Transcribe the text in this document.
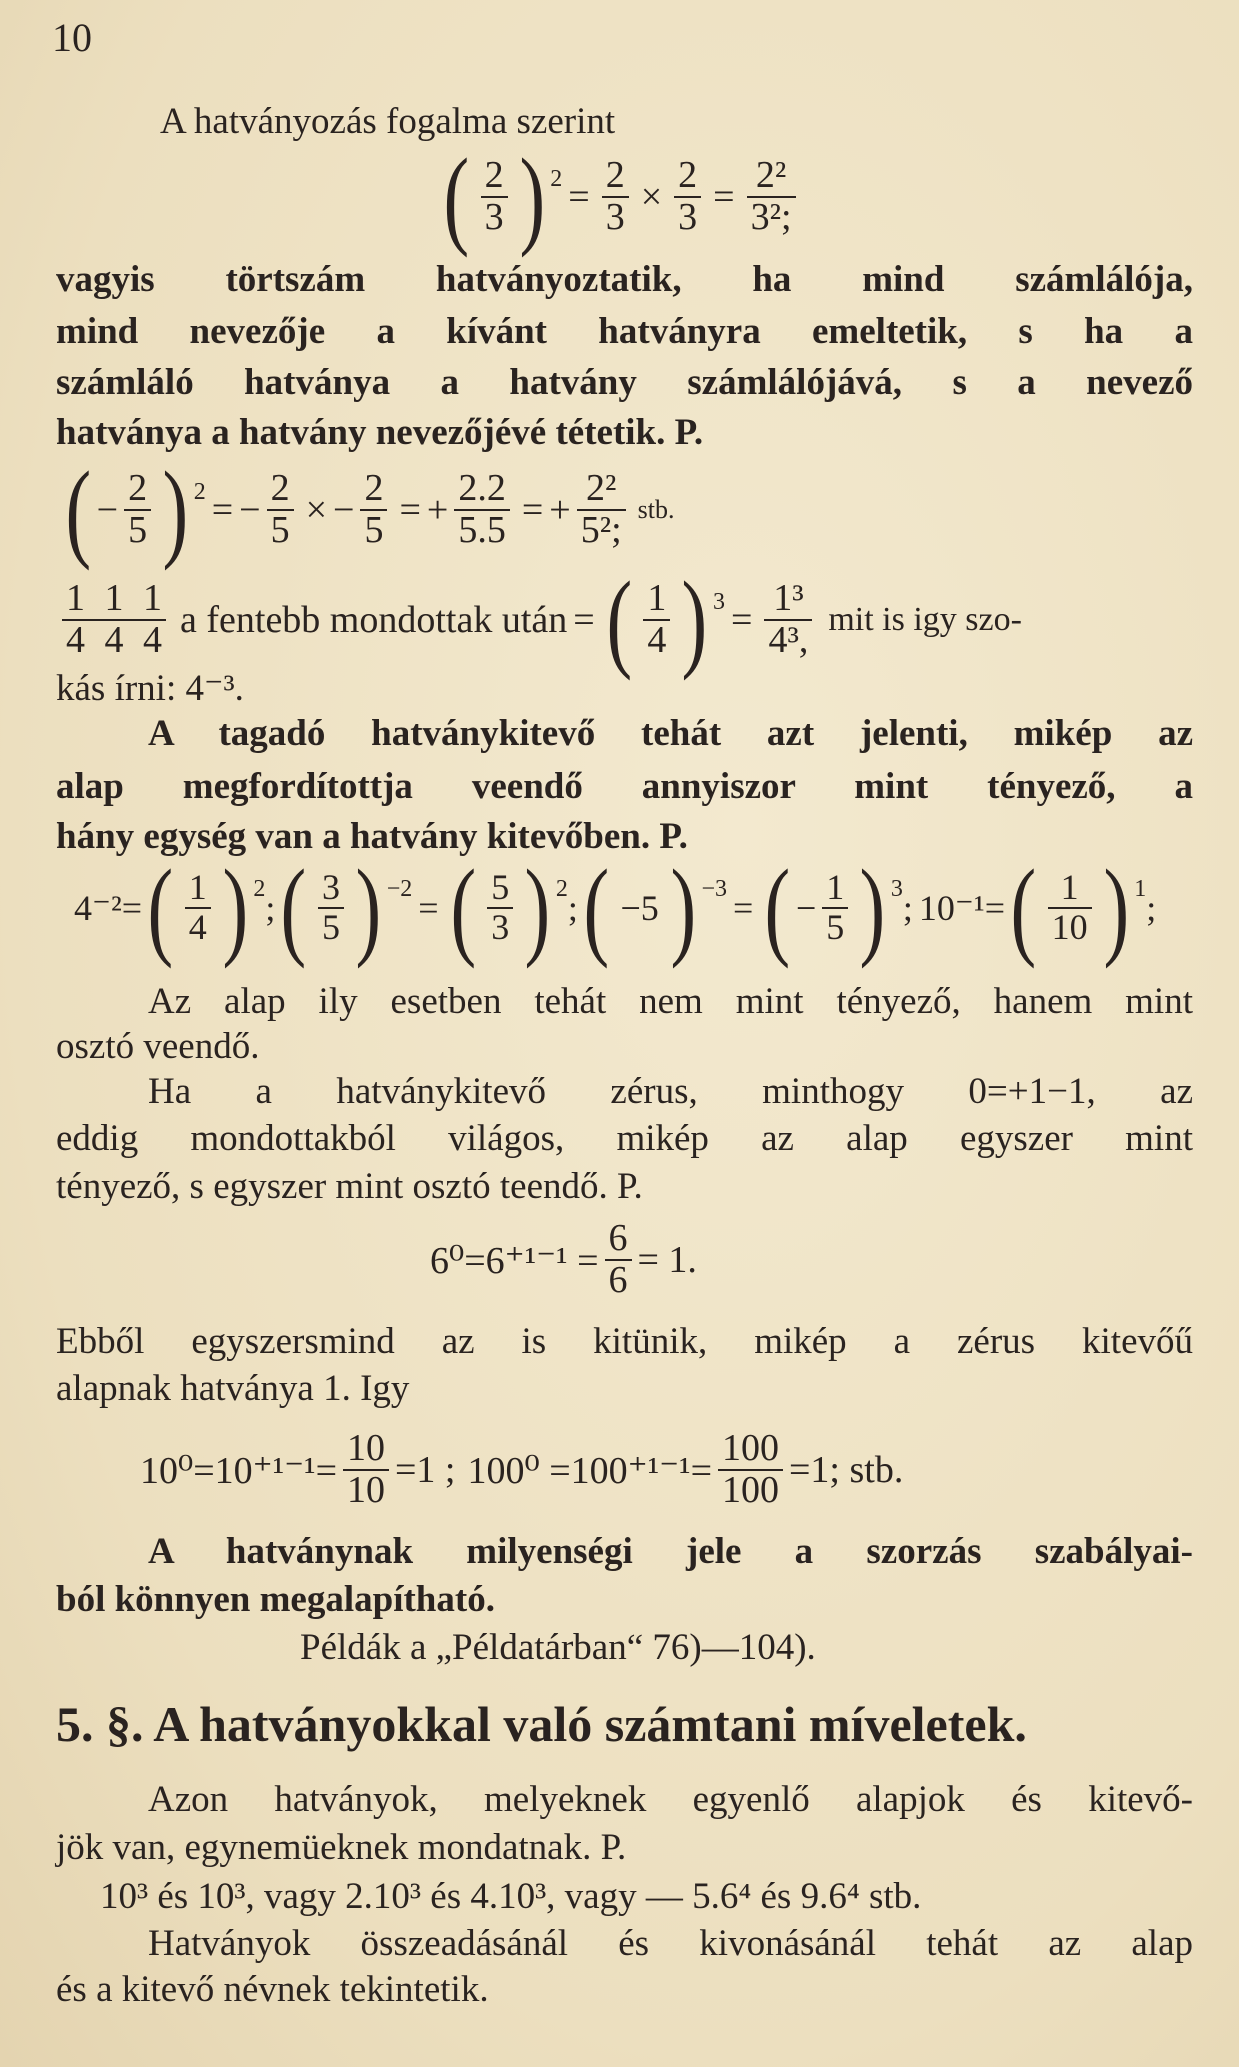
10
A hatványozás fogalma szerint
( $\frac{2}{3}$ ) $2 = \frac{2}{3} \times \frac{2}{3} = \frac{\text{2²}}{\text{3²;}}$
vagyis törtszám hatványoztatik, ha mind számlálója,
mind nevezője a kívánt hatványra emeltetik, s ha a
számláló hatványa a hatvány számlálójává, s a nevező
hatványa a hatvány nevezőjévé tétetik. P.
( − $\frac{2}{5}$ ) 2 = − $\frac{2}{5}$ × − $\frac{2}{5}$ = + $\frac{2.2}{5.5}$ = + $\frac{\text{2²}}{\text{5²;}}$ stb.
$\frac{1 1 1}{4 4 4}$ a fentebb mondottak után = ( $\frac{1}{4}$ ) $3 = \frac{\text{1³}}{\text{4³,}}$ mit is igy szo-
kás írni: 4⁻³.
A tagadó hatványkitevő tehát azt jelenti, mikép az
alap megfordítottja veendő annyiszor mint tényező, a
hány egység van a hatvány kitevőben. P.
4⁻²= ( $\frac{1}{4}$ ) 2 ; ( $\frac{3}{5}$ ) −2 = ( $\frac{5}{3}$ ) 2 ; ( −5 ) −3 = ( − $\frac{1}{5}$ ) 3 ; 10⁻¹= ( $\frac{1}{10}$ ) 1 ;
Az alap ily esetben tehát nem mint tényező, hanem mint
osztó veendő.
Ha a hatványkitevő zérus, minthogy 0=+1−1, az
eddig mondottakból világos, mikép az alap egyszer mint
tényező, s egyszer mint osztó teendő. P.
$6^0=6^{+1-1} = \frac{6}{6} = 1$.
Ebből egyszersmind az is kitünik, mikép a zérus kitevőű
alapnak hatványa 1. Igy
$10^0=10^{+1-1}= \frac{10}{10} =1$ ; $100^0 =100^{+1-1}= \frac{100}{100} =1$; stb.
A hatványnak milyenségi jele a szorzás szabályai-
ból könnyen megalapítható.
Példák a „Példatárban“ 76)—104).
5. §. A hatványokkal való számtani míveletek.
Azon hatványok, melyeknek egyenlő alapjok és kitevő-
jök van, egynemüeknek mondatnak. P.
10³ és 10³, vagy 2.10³ és 4.10³, vagy — 5.6⁴ és 9.6⁴ stb.
Hatványok összeadásánál és kivonásánál tehát az alap
és a kitevő névnek tekintetik.
